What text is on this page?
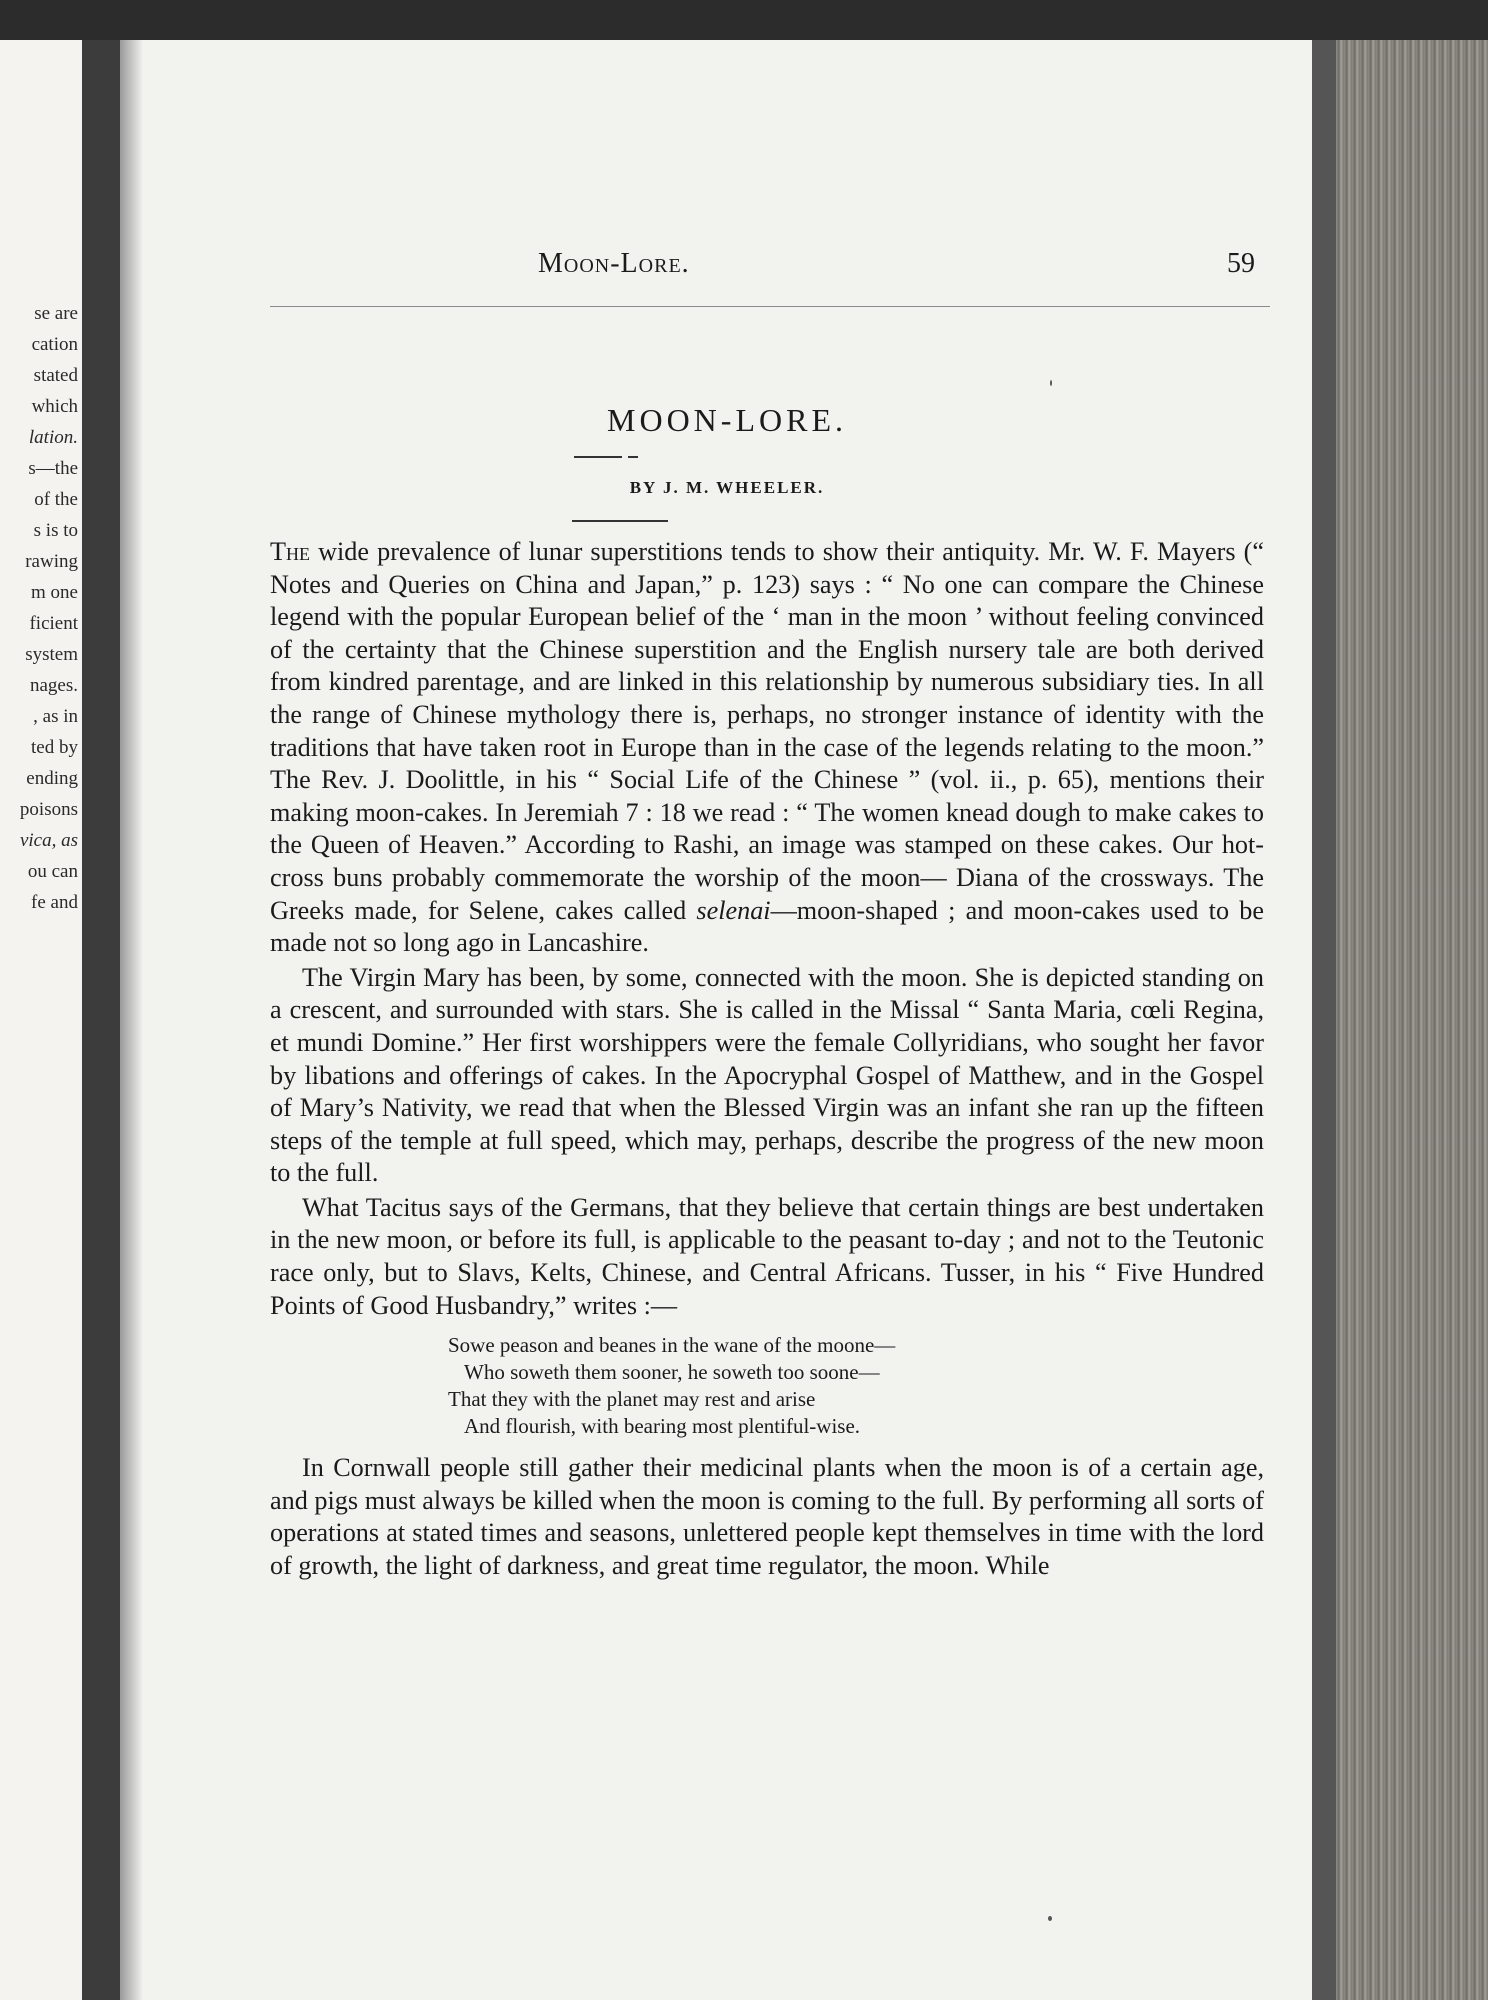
se are
cation
stated
which
lation.
s—the
of the
s is to
rawing
m one
ficient
system
nages.
, as in
ted by
ending
poisons
vica, as
ou can
fe and
Moon-Lore.	59
MOON-LORE.
BY J. M. WHEELER.

The wide prevalence of lunar superstitions tends to show their antiquity. Mr. W. F. Mayers (“ Notes and Queries on China and Japan,” p. 123) says : “ No one can compare the Chinese legend with the popular European belief of the ‘ man in the moon ’ without feeling convinced of the certainty that the Chinese superstition and the English nursery tale are both derived from kindred parentage, and are linked in this relationship by numerous subsidiary ties. In all the range of Chinese mythology there is, perhaps, no stronger instance of identity with the traditions that have taken root in Europe than in the case of the legends relating to the moon.” The Rev. J. Doolittle, in his “ Social Life of the Chinese ” (vol. ii., p. 65), mentions their making moon-cakes. In Jeremiah 7 : 18 we read : “ The women knead dough to make cakes to the Queen of Heaven.” According to Rashi, an image was stamped on these cakes. Our hot-cross buns probably commemorate the worship of the moon— Diana of the crossways. The Greeks made, for Selene, cakes called selenai—moon-shaped ; and moon-cakes used to be made not so long ago in Lancashire.

The Virgin Mary has been, by some, connected with the moon. She is depicted standing on a crescent, and surrounded with stars. She is called in the Missal “ Santa Maria, cœli Regina, et mundi Domine.” Her first worshippers were the female Collyridians, who sought her favor by libations and offerings of cakes. In the Apocryphal Gospel of Matthew, and in the Gospel of Mary’s Nativity, we read that when the Blessed Virgin was an infant she ran up the fifteen steps of the temple at full speed, which may, perhaps, describe the progress of the new moon to the full.

What Tacitus says of the Germans, that they believe that certain things are best undertaken in the new moon, or before its full, is applicable to the peasant to-day ; and not to the Teutonic race only, but to Slavs, Kelts, Chinese, and Central Africans. Tusser, in his “ Five Hundred Points of Good Husbandry,” writes :—

Sowe peason and beanes in the wane of the moone—
Who soweth them sooner, he soweth too soone—
That they with the planet may rest and arise
And flourish, with bearing most plentiful-wise.

In Cornwall people still gather their medicinal plants when the moon is of a certain age, and pigs must always be killed when the moon is coming to the full. By performing all sorts of operations at stated times and seasons, unlettered people kept themselves in time with the lord of growth, the light of darkness, and great time regulator, the moon. While
